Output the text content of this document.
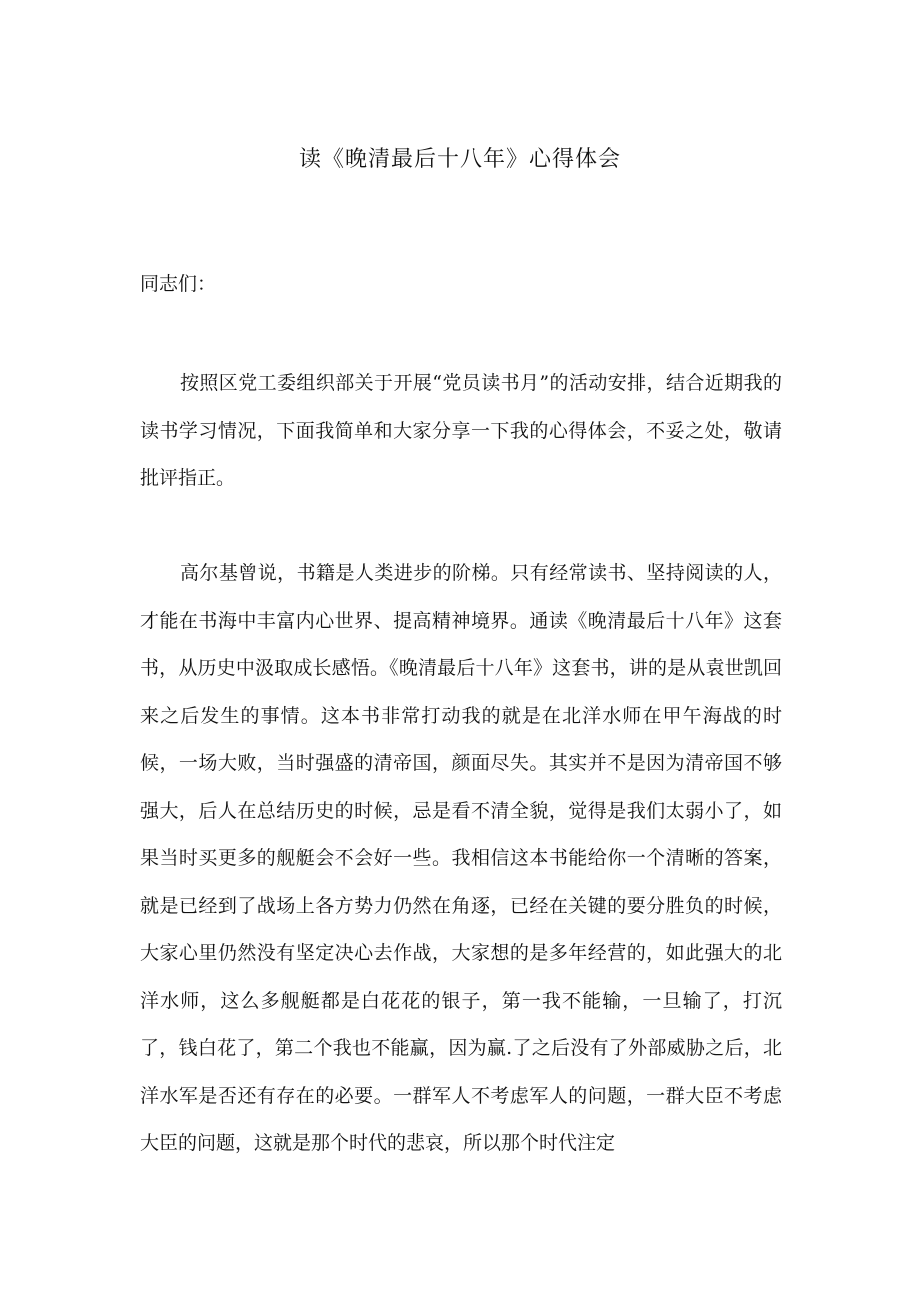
读《晚清最后十八年》心得体会
同志们：

按照区党工委组织部关于开展“党员读书月”的活动安排，结合近期我的读书学习情况，下面我简单和大家分享一下我的心得体会，不妥之处，敬请批评指正。

高尔基曾说，书籍是人类进步的阶梯。只有经常读书、坚持阅读的人，才能在书海中丰富内心世界、提高精神境界。通读《晚清最后十八年》这套书，从历史中汲取成长感悟。《晚清最后十八年》这套书，讲的是从袁世凯回来之后发生的事情。这本书非常打动我的就是在北洋水师在甲午海战的时候，一场大败，当时强盛的清帝国，颜面尽失。其实并不是因为清帝国不够强大，后人在总结历史的时候，忌是看不清全貌，觉得是我们太弱小了，如果当时买更多的舰艇会不会好一些。我相信这本书能给你一个清晰的答案，就是已经到了战场上各方势力仍然在角逐，已经在关键的要分胜负的时候，大家心里仍然没有坚定决心去作战，大家想的是多年经营的，如此强大的北洋水师，这么多舰艇都是白花花的银子，第一我不能输，一旦输了，打沉了，钱白花了，第二个我也不能赢，因为赢.了之后没有了外部威胁之后，北洋水军是否还有存在的必要。一群军人不考虑军人的问题，一群大臣不考虑大臣的问题，这就是那个时代的悲哀，所以那个时代注定
